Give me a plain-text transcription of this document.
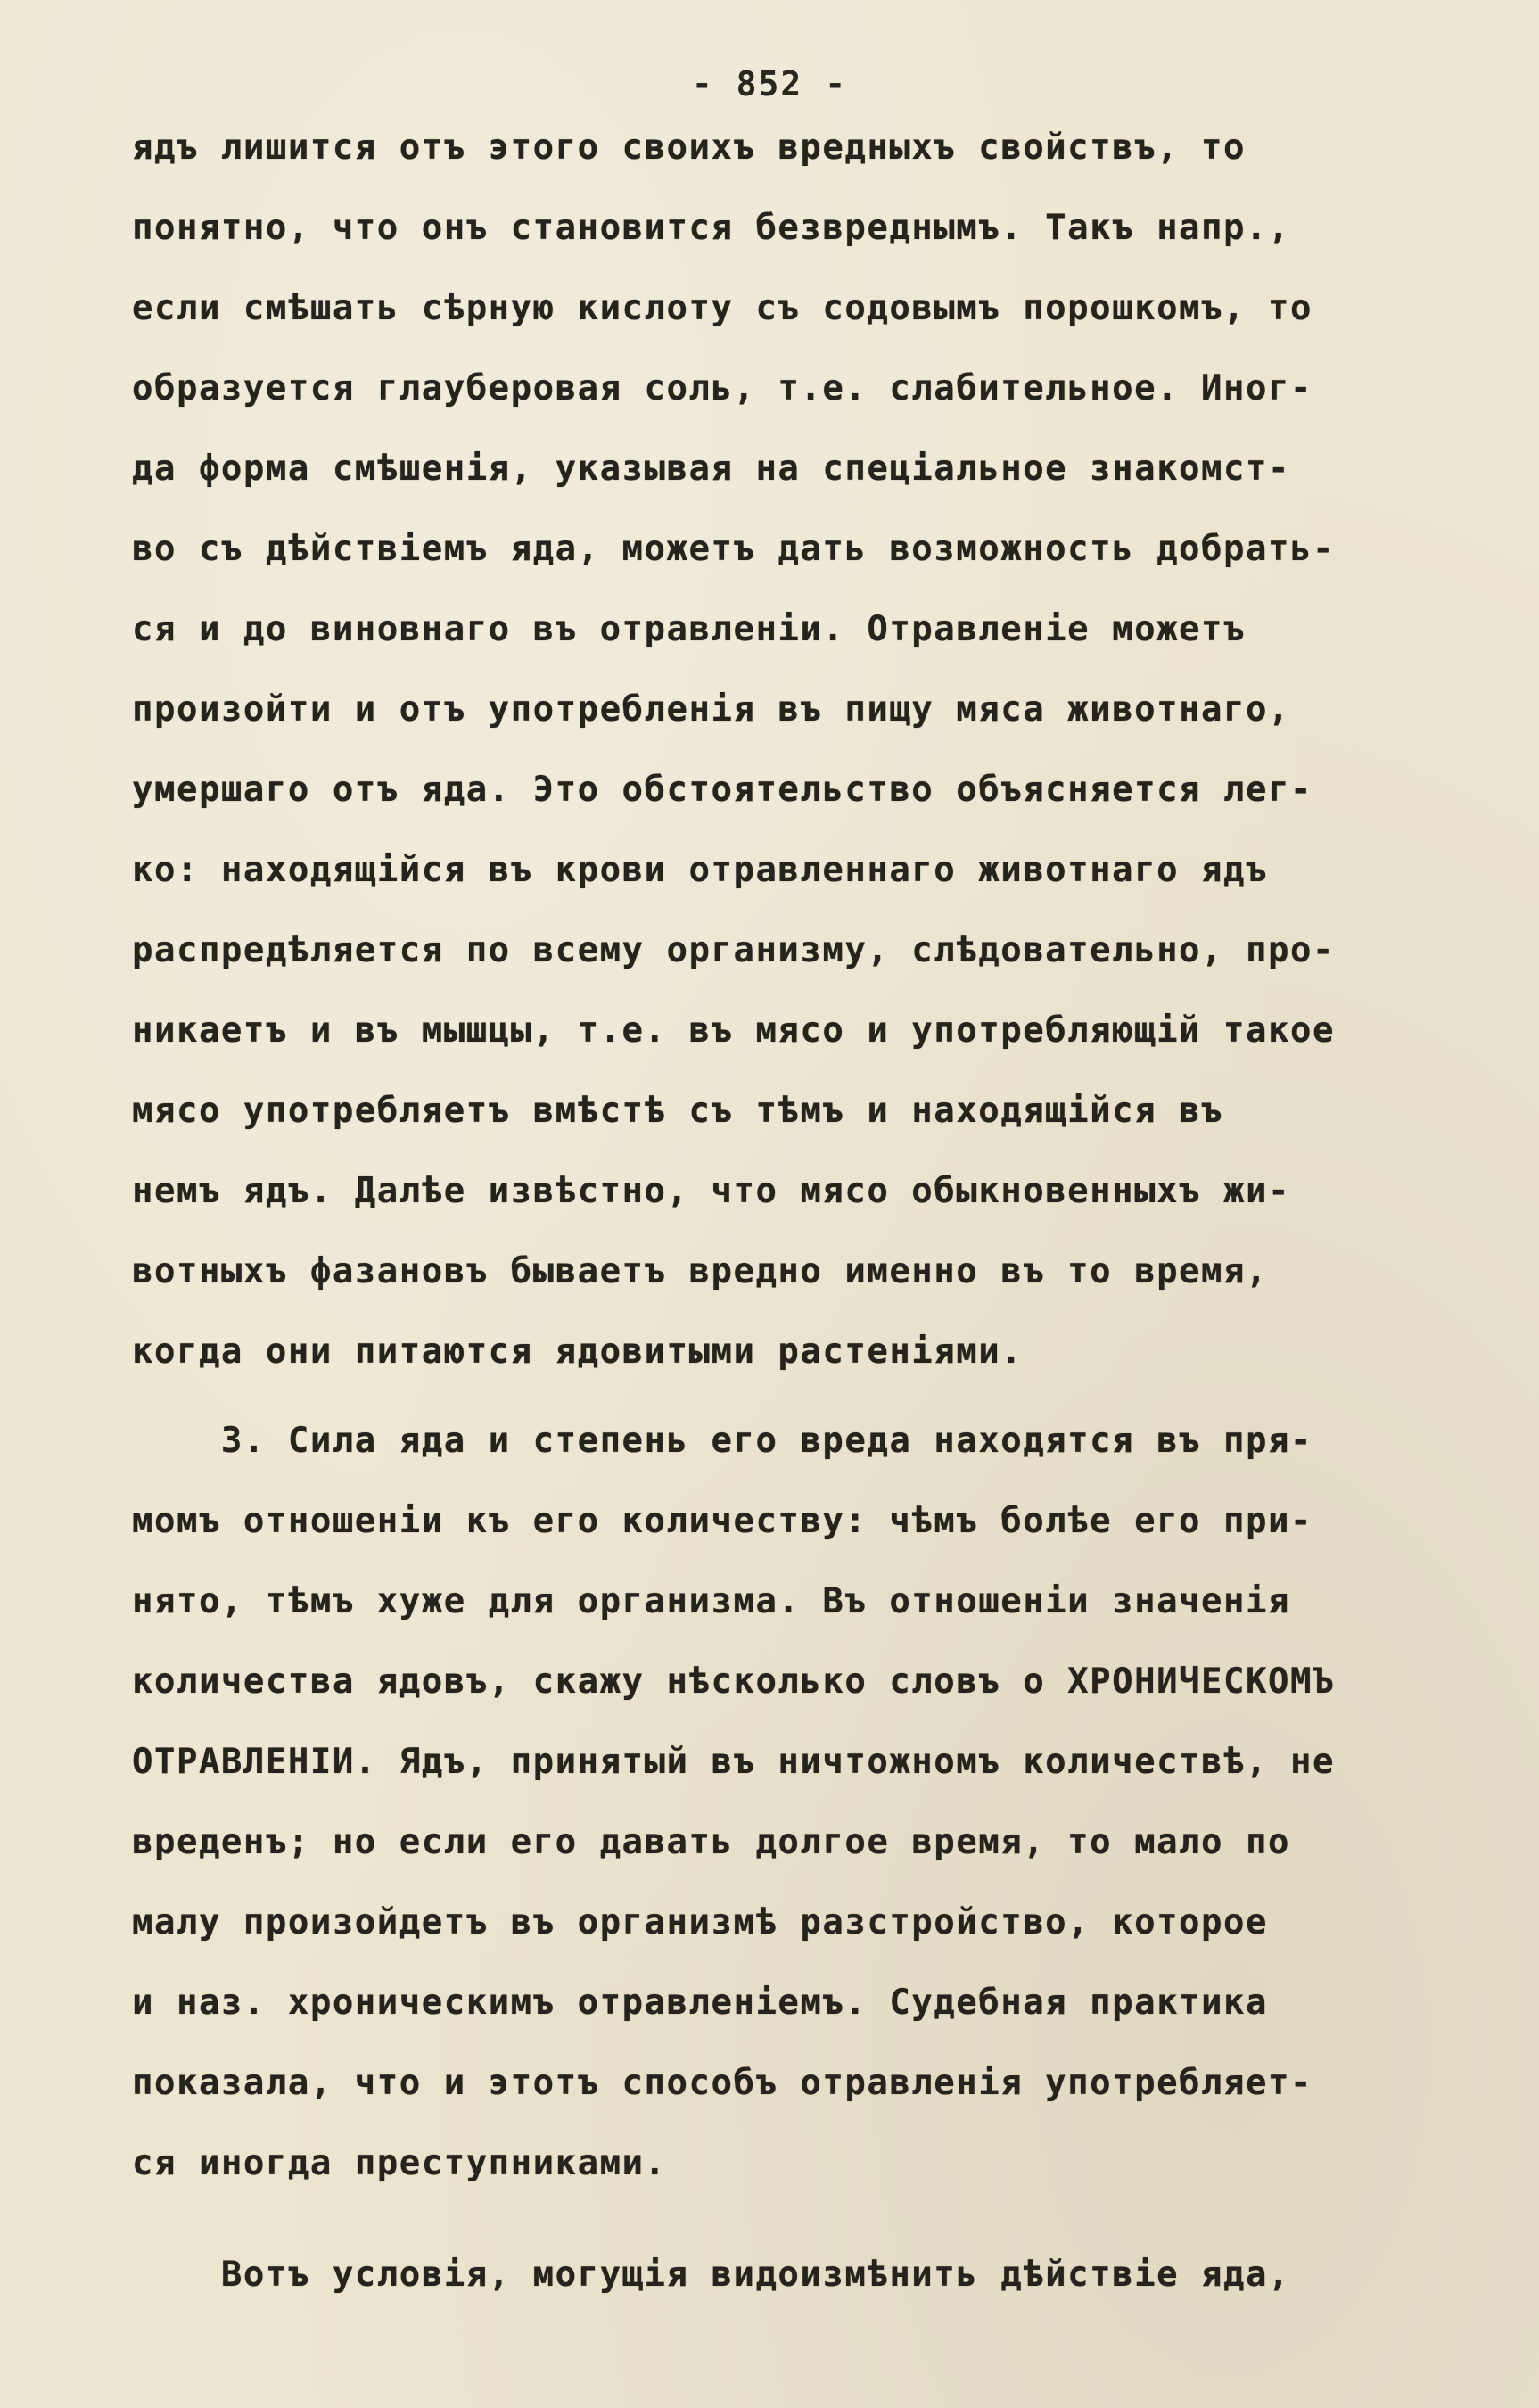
- 852 -
ядъ лишится отъ этого своихъ вредныхъ свойствъ, то
понятно, что онъ становится безвреднымъ. Такъ напр.,
если смѣшать сѣрную кислоту съ содовымъ порошкомъ, то
образуется глауберовая соль, т.е. слабительное. Иног-
да форма смѣшенія, указывая на спеціальное знакомст-
во съ дѣйствіемъ яда, можетъ дать возможность добрать-
ся и до виновнаго въ отравленіи. Отравленіе можетъ
произойти и отъ употребленія въ пищу мяса животнаго,
умершаго отъ яда. Это обстоятельство объясняется лег-
ко: находящійся въ крови отравленнаго животнаго ядъ
распредѣляется по всему организму, слѣдовательно, про-
никаетъ и въ мышцы, т.е. въ мясо и употребляющій такое
мясо употребляетъ вмѣстѣ съ тѣмъ и находящійся въ
немъ ядъ. Далѣе извѣстно, что мясо обыкновенныхъ жи-
вотныхъ фазановъ бываетъ вредно именно въ то время,
когда они питаются ядовитыми растеніями.
3. Сила яда и степень его вреда находятся въ пря-
момъ отношеніи къ его количеству: чѣмъ болѣе его при-
нято, тѣмъ хуже для организма. Въ отношеніи значенія
количества ядовъ, скажу нѣсколько словъ о ХРОНИЧЕСКОМЪ
ОТРАВЛЕНІИ. Ядъ, принятый въ ничтожномъ количествѣ, не
вреденъ; но если его давать долгое время, то мало по
малу произойдетъ въ организмѣ разстройство, которое
и наз. хроническимъ отравленіемъ. Судебная практика
показала, что и этотъ способъ отравленія употребляет-
ся иногда преступниками.
Вотъ условія, могущія видоизмѣнить дѣйствіе яда,
